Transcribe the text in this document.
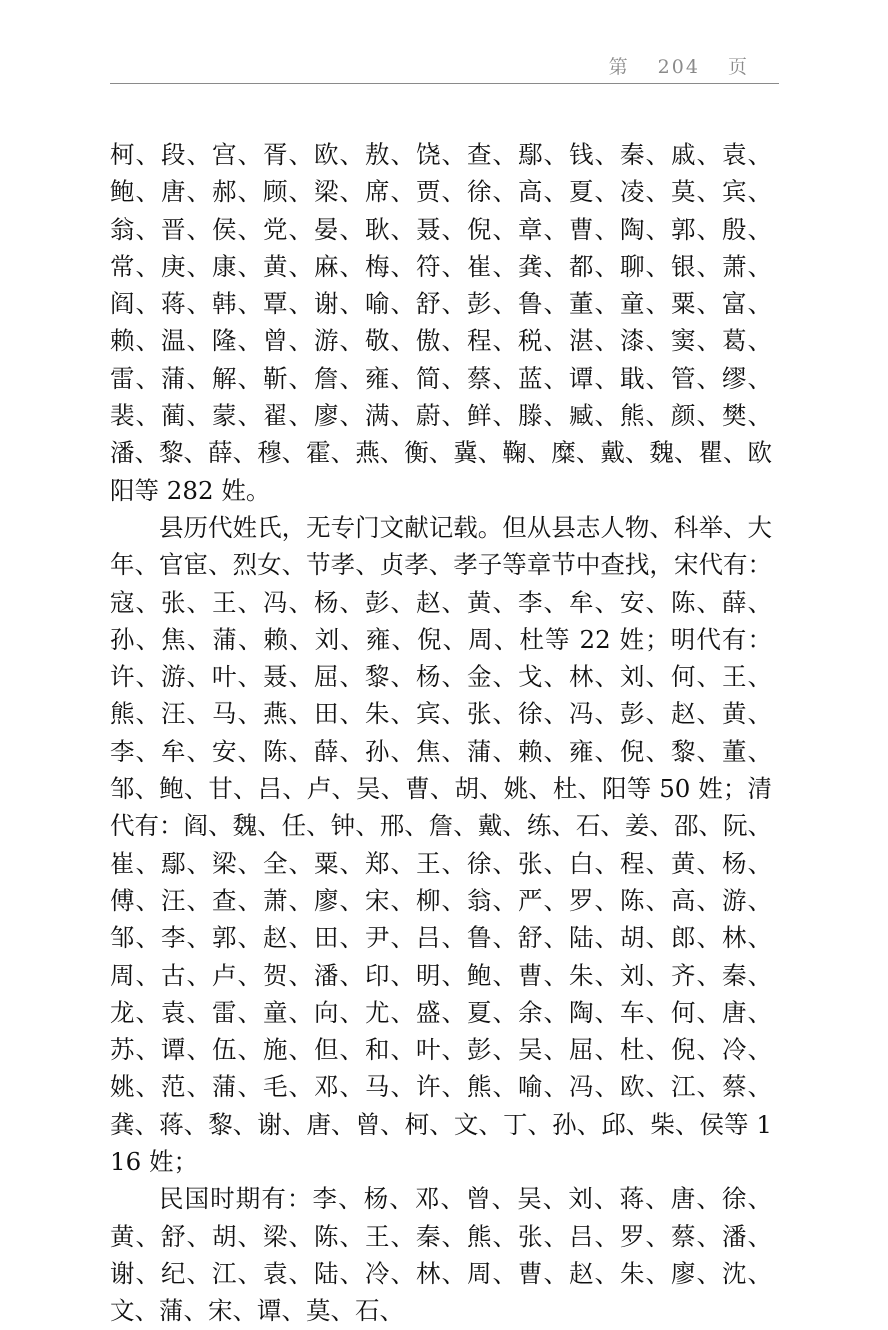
第  204  页

柯、段、宫、胥、欧、敖、饶、查、鄢、钱、秦、戚、袁、鲍、唐、郝、顾、梁、席、贾、徐、高、夏、凌、莫、宾、翁、晋、侯、党、晏、耿、聂、倪、章、曹、陶、郭、殷、常、庚、康、黄、麻、梅、符、崔、龚、都、聊、银、萧、阎、蒋、韩、覃、谢、喻、舒、彭、鲁、董、童、粟、富、赖、温、隆、曾、游、敬、傲、程、税、湛、漆、窦、葛、雷、蒲、解、靳、詹、雍、简、蔡、蓝、谭、戢、管、缪、裴、蔺、蒙、翟、廖、满、蔚、鲜、滕、臧、熊、颜、樊、潘、黎、薛、穆、霍、燕、衡、冀、鞠、糜、戴、魏、瞿、欧阳等 282 姓。

县历代姓氏，无专门文献记载。但从县志人物、科举、大年、官宦、烈女、节孝、贞孝、孝子等章节中查找，宋代有：寇、张、王、冯、杨、彭、赵、黄、李、牟、安、陈、薛、孙、焦、蒲、赖、刘、雍、倪、周、杜等 22 姓；明代有：许、游、叶、聂、屈、黎、杨、金、戈、林、刘、何、王、熊、汪、马、燕、田、朱、宾、张、徐、冯、彭、赵、黄、李、牟、安、陈、薛、孙、焦、蒲、赖、雍、倪、黎、董、邹、鲍、甘、吕、卢、吴、曹、胡、姚、杜、阳等 50 姓；清代有：阎、魏、任、钟、邢、詹、戴、练、石、姜、邵、阮、崔、鄢、梁、全、粟、郑、王、徐、张、白、程、黄、杨、傅、汪、查、萧、廖、宋、柳、翁、严、罗、陈、高、游、邹、李、郭、赵、田、尹、吕、鲁、舒、陆、胡、郎、林、周、古、卢、贺、潘、印、明、鲍、曹、朱、刘、齐、秦、龙、袁、雷、童、向、尤、盛、夏、余、陶、车、何、唐、苏、谭、伍、施、但、和、叶、彭、吴、屈、杜、倪、冷、姚、范、蒲、毛、邓、马、许、熊、喻、冯、欧、江、蔡、龚、蒋、黎、谢、唐、曾、柯、文、丁、孙、邱、柴、侯等 116 姓；

民国时期有：李、杨、邓、曾、吴、刘、蒋、唐、徐、黄、舒、胡、梁、陈、王、秦、熊、张、吕、罗、蔡、潘、谢、纪、江、袁、陆、冷、林、周、曹、赵、朱、廖、沈、文、蒲、宋、谭、莫、石、
